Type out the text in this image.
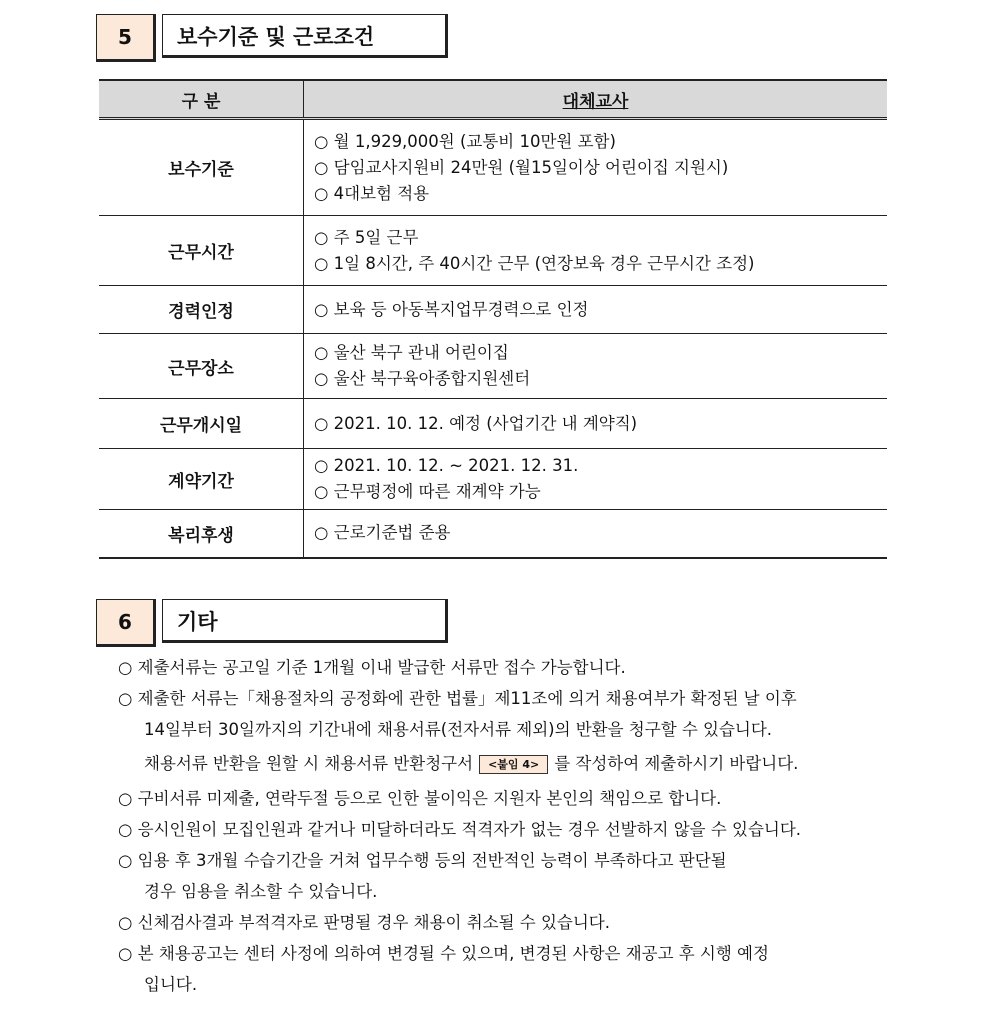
5	보수기준 및 근로조건
구 분	대체교사
보수기준	○ 월 1,929,000원 (교통비 10만원 포함)
○ 담임교사지원비 24만원 (월15일이상 어린이집 지원시)
○ 4대보험 적용

근무시간	○ 주 5일 근무
○ 1일 8시간, 주 40시간 근무 (연장보육 경우 근무시간 조정)

경력인정	○ 보육 등 아동복지업무경력으로 인정

근무장소	○ 울산 북구 관내 어린이집
○ 울산 북구육아종합지원센터

근무개시일	○ 2021. 10. 12. 예정 (사업기간 내 계약직)

계약기간	○ 2021. 10. 12. ~ 2021. 12. 31.
○ 근무평정에 따른 재계약 가능

복리후생	○ 근로기준법 준용
6	기타
○ 제출서류는 공고일 기준 1개월 이내 발급한 서류만 접수 가능합니다.
○ 제출한 서류는「채용절차의 공정화에 관한 법률」제11조에 의거 채용여부가 확정된 날 이후
14일부터 30일까지의 기간내에 채용서류(전자서류 제외)의 반환을 청구할 수 있습니다.
채용서류 반환을 원할 시 채용서류 반환청구서 <붙임 4> 를 작성하여 제출하시기 바랍니다.
○ 구비서류 미제출, 연락두절 등으로 인한 불이익은 지원자 본인의 책임으로 합니다.
○ 응시인원이 모집인원과 같거나 미달하더라도 적격자가 없는 경우 선발하지 않을 수 있습니다.
○ 임용 후 3개월 수습기간을 거쳐 업무수행 등의 전반적인 능력이 부족하다고 판단될
경우 임용을 취소할 수 있습니다.
○ 신체검사결과 부적격자로 판명될 경우 채용이 취소될 수 있습니다.
○ 본 채용공고는 센터 사정에 의하여 변경될 수 있으며, 변경된 사항은 재공고 후 시행 예정
입니다.
